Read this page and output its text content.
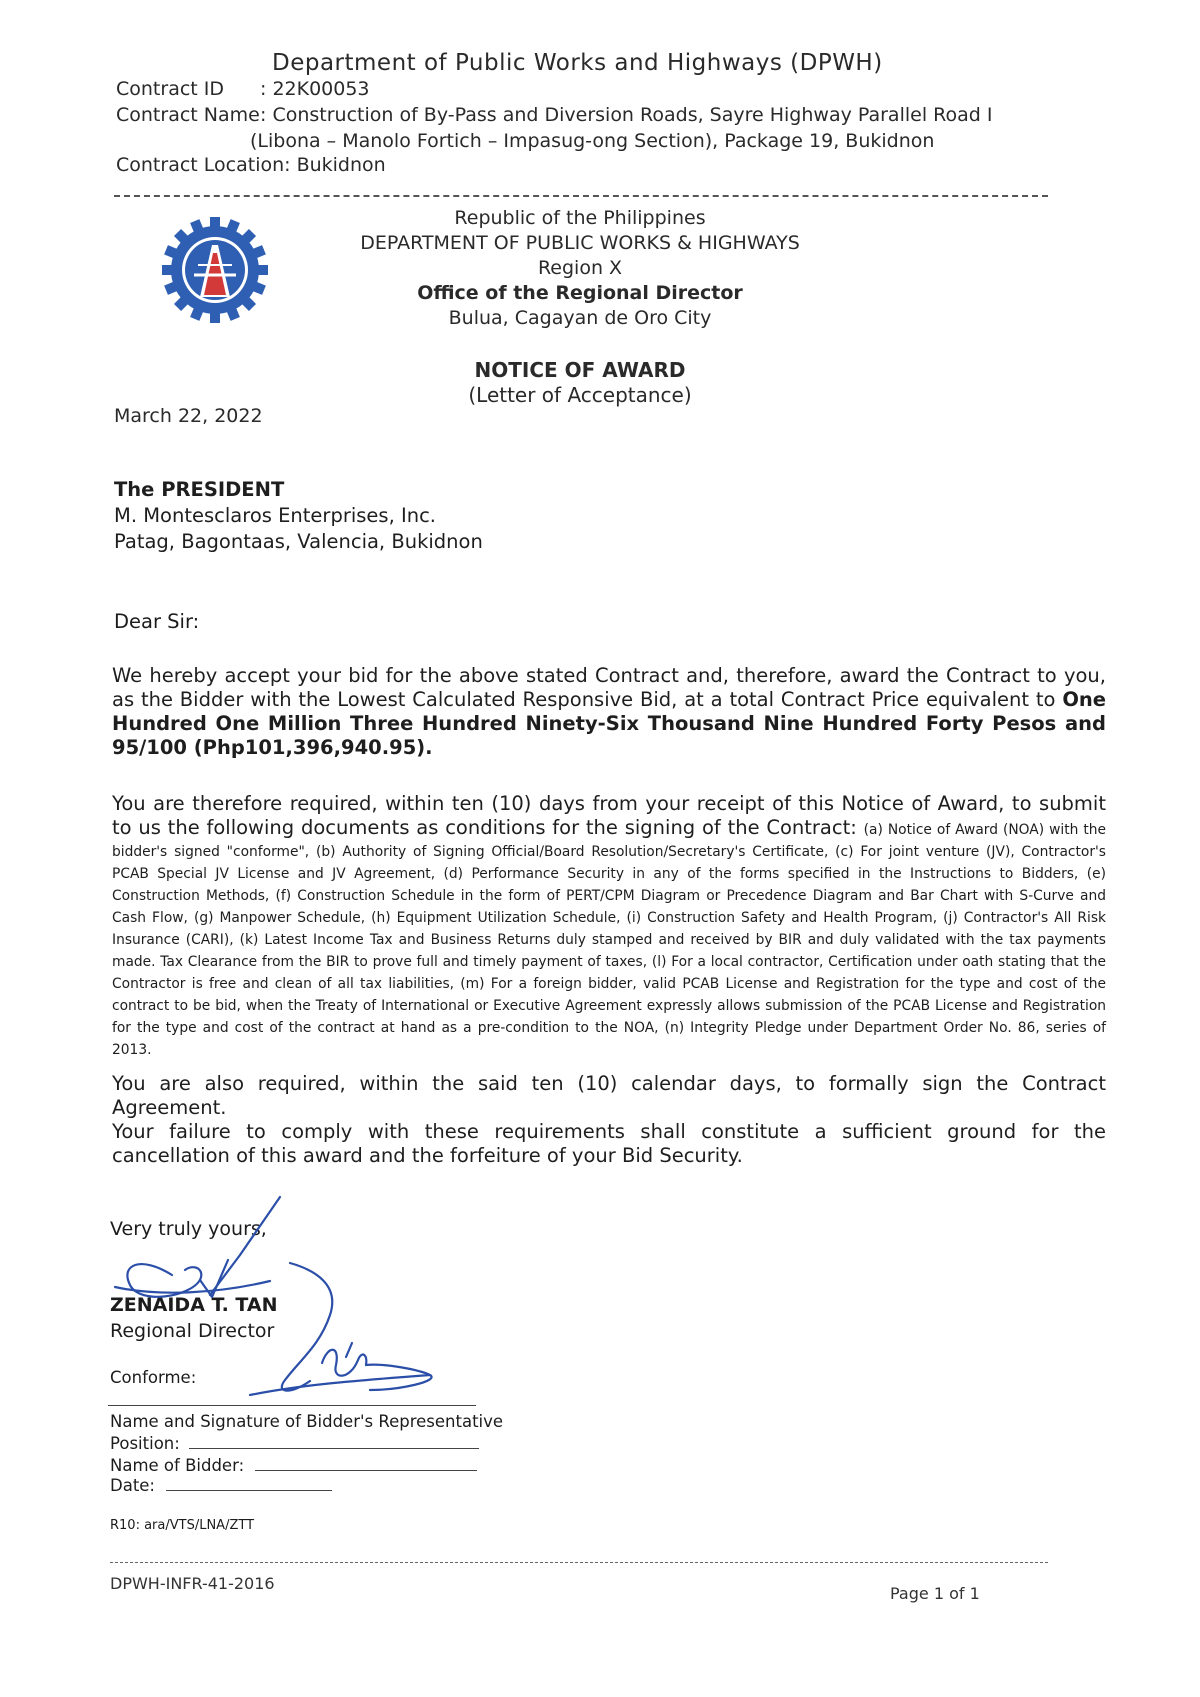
Department of Public Works and Highways (DPWH)
Contract ID : 22K00053
Contract Name : Construction of By-Pass and Diversion Roads, Sayre Highway Parallel Road I
(Libona – Manolo Fortich – Impasug-ong Section), Package 19, Bukidnon
Contract Location: Bukidnon
Republic of the Philippines
DEPARTMENT OF PUBLIC WORKS & HIGHWAYS
Region X
Office of the Regional Director
Bulua, Cagayan de Oro City
NOTICE OF AWARD
(Letter of Acceptance)
March 22, 2022
The PRESIDENT
M. Montesclaros Enterprises, Inc.
Patag, Bagontaas, Valencia, Bukidnon
Dear Sir:
We hereby accept your bid for the above stated Contract and, therefore, award the Contract to you, as the Bidder with the Lowest Calculated Responsive Bid, at a total Contract Price equivalent to One Hundred One Million Three Hundred Ninety-Six Thousand Nine Hundred Forty Pesos and 95/100 (Php101,396,940.95).
You are therefore required, within ten (10) days from your receipt of this Notice of Award, to submit to us the following documents as conditions for the signing of the Contract: (a) Notice of Award (NOA) with the bidder's signed "conforme", (b) Authority of Signing Official/Board Resolution/Secretary's Certificate, (c) For joint venture (JV), Contractor's PCAB Special JV License and JV Agreement, (d) Performance Security in any of the forms specified in the Instructions to Bidders, (e) Construction Methods, (f) Construction Schedule in the form of PERT/CPM Diagram or Precedence Diagram and Bar Chart with S-Curve and Cash Flow, (g) Manpower Schedule, (h) Equipment Utilization Schedule, (i) Construction Safety and Health Program, (j) Contractor's All Risk Insurance (CARI), (k) Latest Income Tax and Business Returns duly stamped and received by BIR and duly validated with the tax payments made. Tax Clearance from the BIR to prove full and timely payment of taxes, (l) For a local contractor, Certification under oath stating that the Contractor is free and clean of all tax liabilities, (m) For a foreign bidder, valid PCAB License and Registration for the type and cost of the contract to be bid, when the Treaty of International or Executive Agreement expressly allows submission of the PCAB License and Registration for the type and cost of the contract at hand as a pre-condition to the NOA, (n) Integrity Pledge under Department Order No. 86, series of 2013.
You are also required, within the said ten (10) calendar days, to formally sign the Contract Agreement.
Your failure to comply with these requirements shall constitute a sufficient ground for the cancellation of this award and the forfeiture of your Bid Security.
Very truly yours,
ZENAIDA T. TAN
Regional Director
Conforme:
Name and Signature of Bidder's Representative
Position:
Name of Bidder:
Date:
R10: ara/VTS/LNA/ZTT
DPWH-INFR-41-2016
Page 1 of 1
